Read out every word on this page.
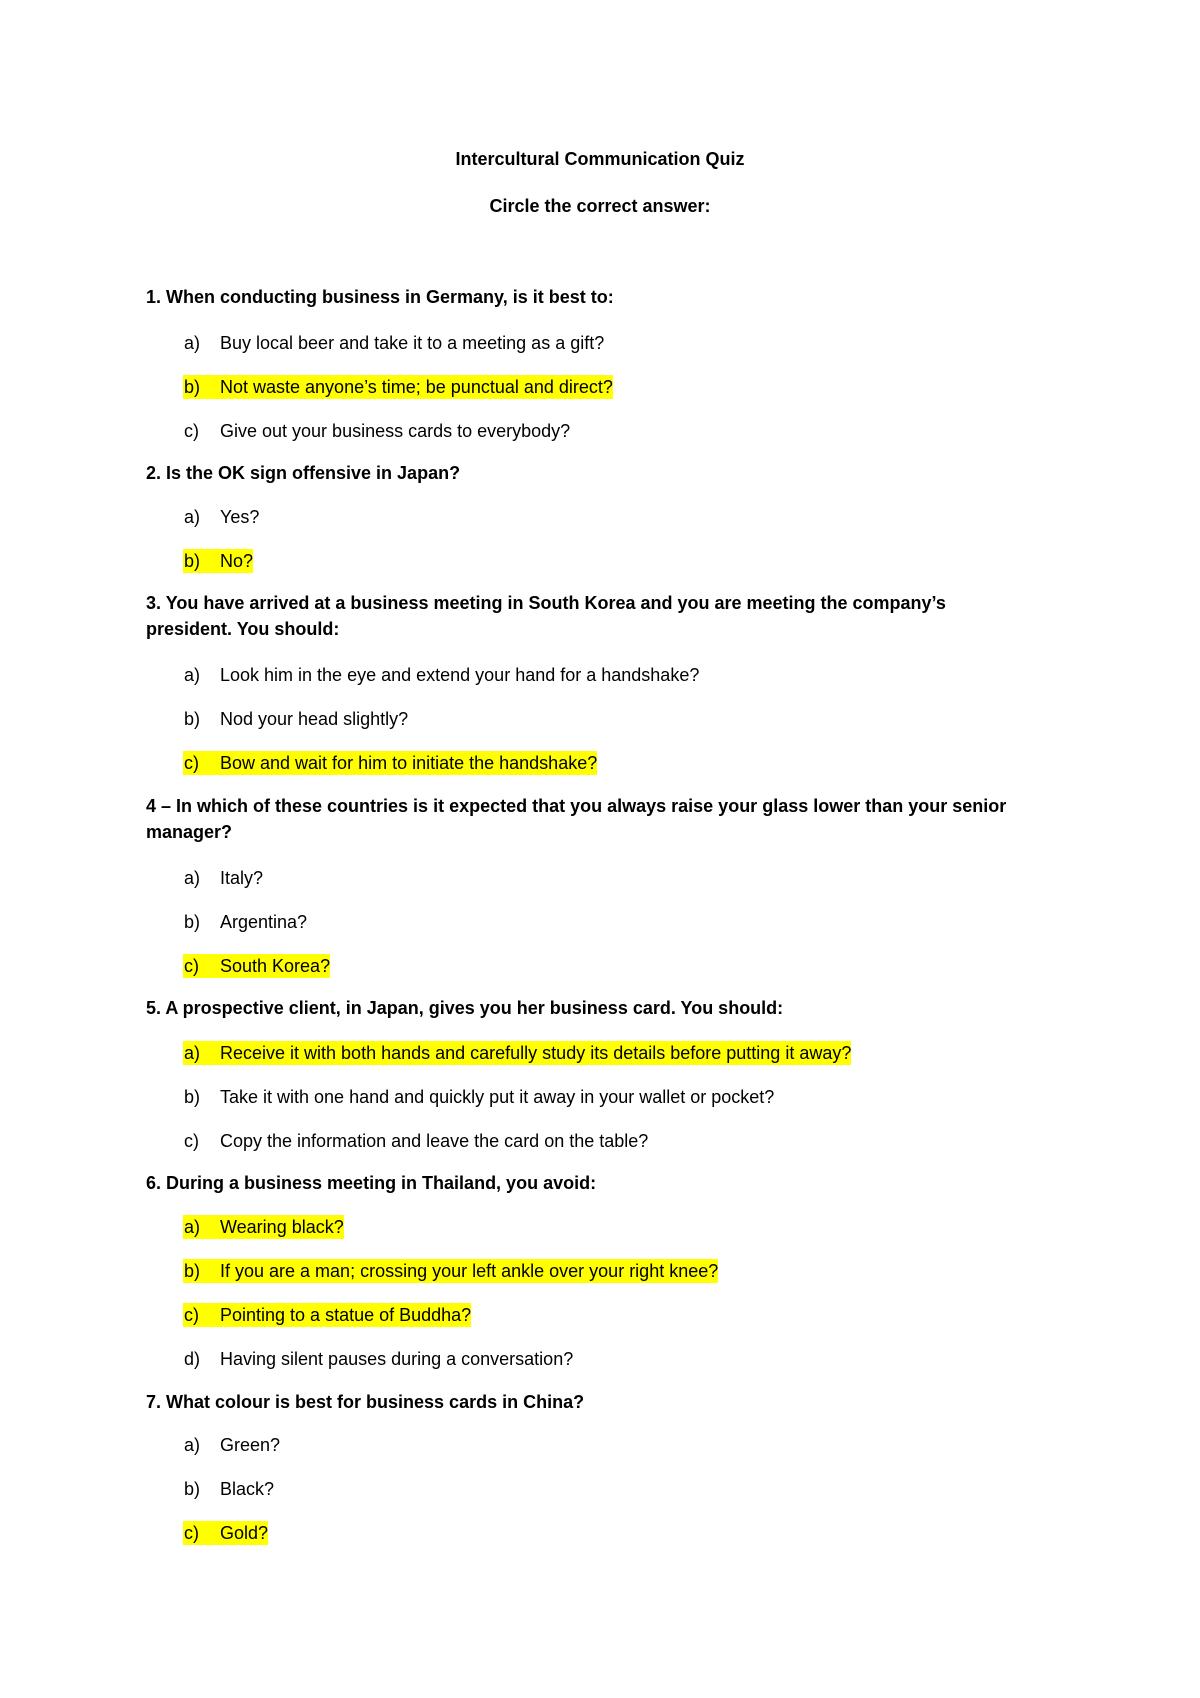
Intercultural Communication Quiz
Circle the correct answer:
1. When conducting business in Germany, is it best to:
a) Buy local beer and take it to a meeting as a gift?
b) Not waste anyone’s time; be punctual and direct?
c) Give out your business cards to everybody?
2. Is the OK sign offensive in Japan?
a) Yes?
b) No?
3. You have arrived at a business meeting in South Korea and you are meeting the company’s president. You should:
a) Look him in the eye and extend your hand for a handshake?
b) Nod your head slightly?
c) Bow and wait for him to initiate the handshake?
4 – In which of these countries is it expected that you always raise your glass lower than your senior manager?
a) Italy?
b) Argentina?
c) South Korea?
5. A prospective client, in Japan, gives you her business card. You should:
a) Receive it with both hands and carefully study its details before putting it away?
b) Take it with one hand and quickly put it away in your wallet or pocket?
c) Copy the information and leave the card on the table?
6. During a business meeting in Thailand, you avoid:
a) Wearing black?
b) If you are a man; crossing your left ankle over your right knee?
c) Pointing to a statue of Buddha?
d) Having silent pauses during a conversation?
7. What colour is best for business cards in China?
a) Green?
b) Black?
c) Gold?
